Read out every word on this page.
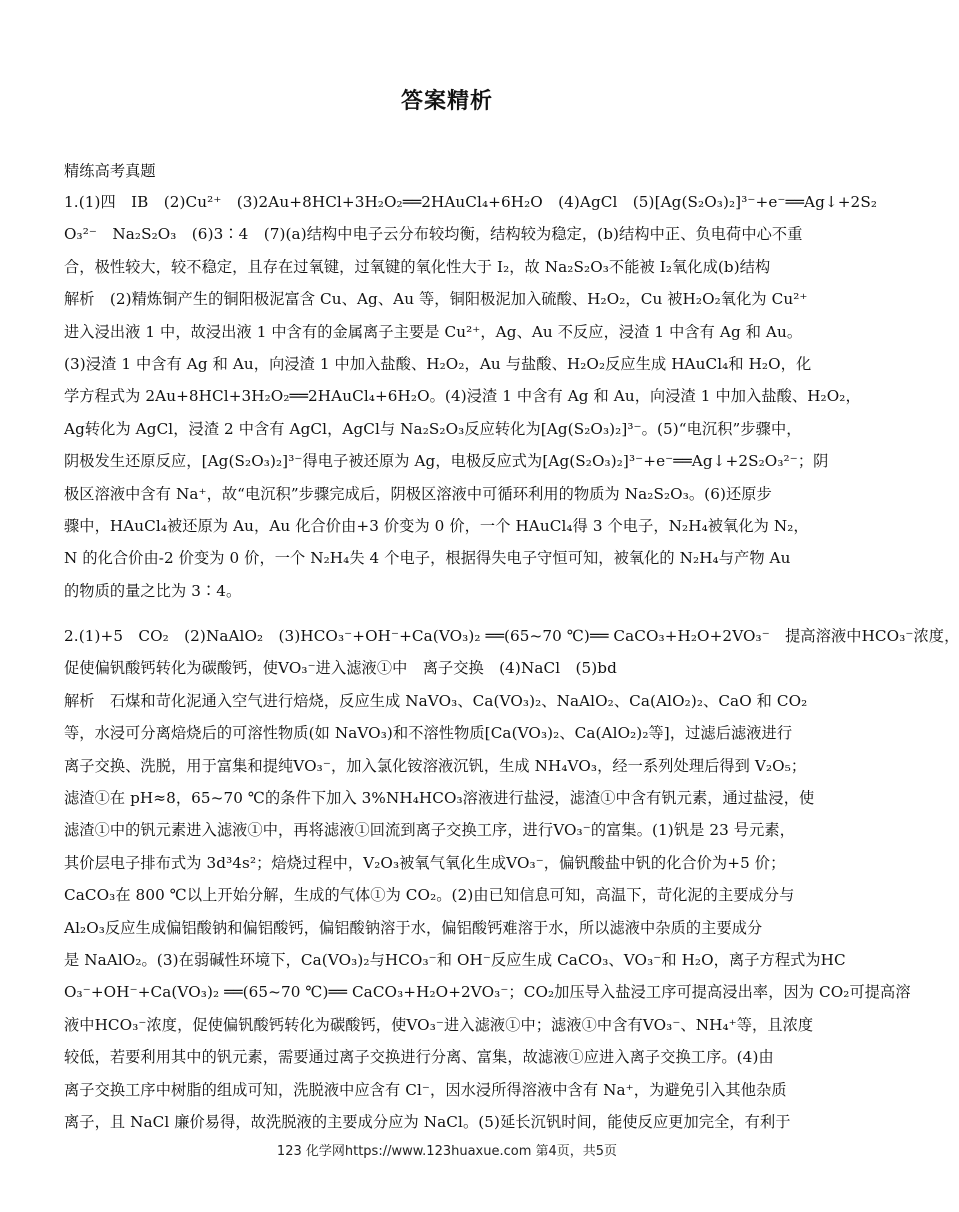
答案精析
精练高考真题
1.(1)四　ⅠB　(2)Cu²⁺　(3)2Au+8HCl+3H₂O₂══2HAuCl₄+6H₂O　(4)AgCl　(5)[Ag(S₂O₃)₂]³⁻+e⁻══Ag↓+2S₂
O₃²⁻　Na₂S₂O₃　(6)3∶4　(7)(a)结构中电子云分布较均衡，结构较为稳定，(b)结构中正、负电荷中心不重
合，极性较大，较不稳定，且存在过氧键，过氧键的氧化性大于 I₂，故 Na₂S₂O₃不能被 I₂氧化成(b)结构
解析　(2)精炼铜产生的铜阳极泥富含 Cu、Ag、Au 等，铜阳极泥加入硫酸、H₂O₂，Cu 被H₂O₂氧化为 Cu²⁺
进入浸出液 1 中，故浸出液 1 中含有的金属离子主要是 Cu²⁺，Ag、Au 不反应，浸渣 1 中含有 Ag 和 Au。
(3)浸渣 1 中含有 Ag 和 Au，向浸渣 1 中加入盐酸、H₂O₂，Au 与盐酸、H₂O₂反应生成 HAuCl₄和 H₂O，化
学方程式为 2Au+8HCl+3H₂O₂══2HAuCl₄+6H₂O。(4)浸渣 1 中含有 Ag 和 Au，向浸渣 1 中加入盐酸、H₂O₂，
Ag转化为 AgCl，浸渣 2 中含有 AgCl，AgCl与 Na₂S₂O₃反应转化为[Ag(S₂O₃)₂]³⁻。(5)“电沉积”步骤中，
阴极发生还原反应，[Ag(S₂O₃)₂]³⁻得电子被还原为 Ag，电极反应式为[Ag(S₂O₃)₂]³⁻+e⁻══Ag↓+2S₂O₃²⁻；阴
极区溶液中含有 Na⁺，故“电沉积”步骤完成后，阴极区溶液中可循环利用的物质为 Na₂S₂O₃。(6)还原步
骤中，HAuCl₄被还原为 Au，Au 化合价由+3 价变为 0 价，一个 HAuCl₄得 3 个电子，N₂H₄被氧化为 N₂，
N 的化合价由-2 价变为 0 价，一个 N₂H₄失 4 个电子，根据得失电子守恒可知，被氧化的 N₂H₄与产物 Au
的物质的量之比为 3∶4。
2.(1)+5　CO₂　(2)NaAlO₂　(3)HCO₃⁻+OH⁻+Ca(VO₃)₂ ══(65~70 ℃)══ CaCO₃+H₂O+2VO₃⁻　提高溶液中HCO₃⁻浓度，
促使偏钒酸钙转化为碳酸钙，使VO₃⁻进入滤液①中　离子交换　(4)NaCl　(5)bd
解析　石煤和苛化泥通入空气进行焙烧，反应生成 NaVO₃、Ca(VO₃)₂、NaAlO₂、Ca(AlO₂)₂、CaO 和 CO₂
等，水浸可分离焙烧后的可溶性物质(如 NaVO₃)和不溶性物质[Ca(VO₃)₂、Ca(AlO₂)₂等]，过滤后滤液进行
离子交换、洗脱，用于富集和提纯VO₃⁻，加入氯化铵溶液沉钒，生成 NH₄VO₃，经一系列处理后得到 V₂O₅；
滤渣①在 pH≈8，65~70 ℃的条件下加入 3%NH₄HCO₃溶液进行盐浸，滤渣①中含有钒元素，通过盐浸，使
滤渣①中的钒元素进入滤液①中，再将滤液①回流到离子交换工序，进行VO₃⁻的富集。(1)钒是 23 号元素，
其价层电子排布式为 3d³4s²；焙烧过程中，V₂O₃被氧气氧化生成VO₃⁻，偏钒酸盐中钒的化合价为+5 价；
CaCO₃在 800 ℃以上开始分解，生成的气体①为 CO₂。(2)由已知信息可知，高温下，苛化泥的主要成分与
Al₂O₃反应生成偏铝酸钠和偏铝酸钙，偏铝酸钠溶于水，偏铝酸钙难溶于水，所以滤液中杂质的主要成分
是 NaAlO₂。(3)在弱碱性环境下，Ca(VO₃)₂与HCO₃⁻和 OH⁻反应生成 CaCO₃、VO₃⁻和 H₂O，离子方程式为HC
O₃⁻+OH⁻+Ca(VO₃)₂ ══(65~70 ℃)══ CaCO₃+H₂O+2VO₃⁻；CO₂加压导入盐浸工序可提高浸出率，因为 CO₂可提高溶
液中HCO₃⁻浓度，促使偏钒酸钙转化为碳酸钙，使VO₃⁻进入滤液①中；滤液①中含有VO₃⁻、NH₄⁺等，且浓度
较低，若要利用其中的钒元素，需要通过离子交换进行分离、富集，故滤液①应进入离子交换工序。(4)由
离子交换工序中树脂的组成可知，洗脱液中应含有 Cl⁻，因水浸所得溶液中含有 Na⁺，为避免引入其他杂质
离子，且 NaCl 廉价易得，故洗脱液的主要成分应为 NaCl。(5)延长沉钒时间，能使反应更加完全，有利于
123 化学网https://www.123huaxue.com 第4页，共5页
